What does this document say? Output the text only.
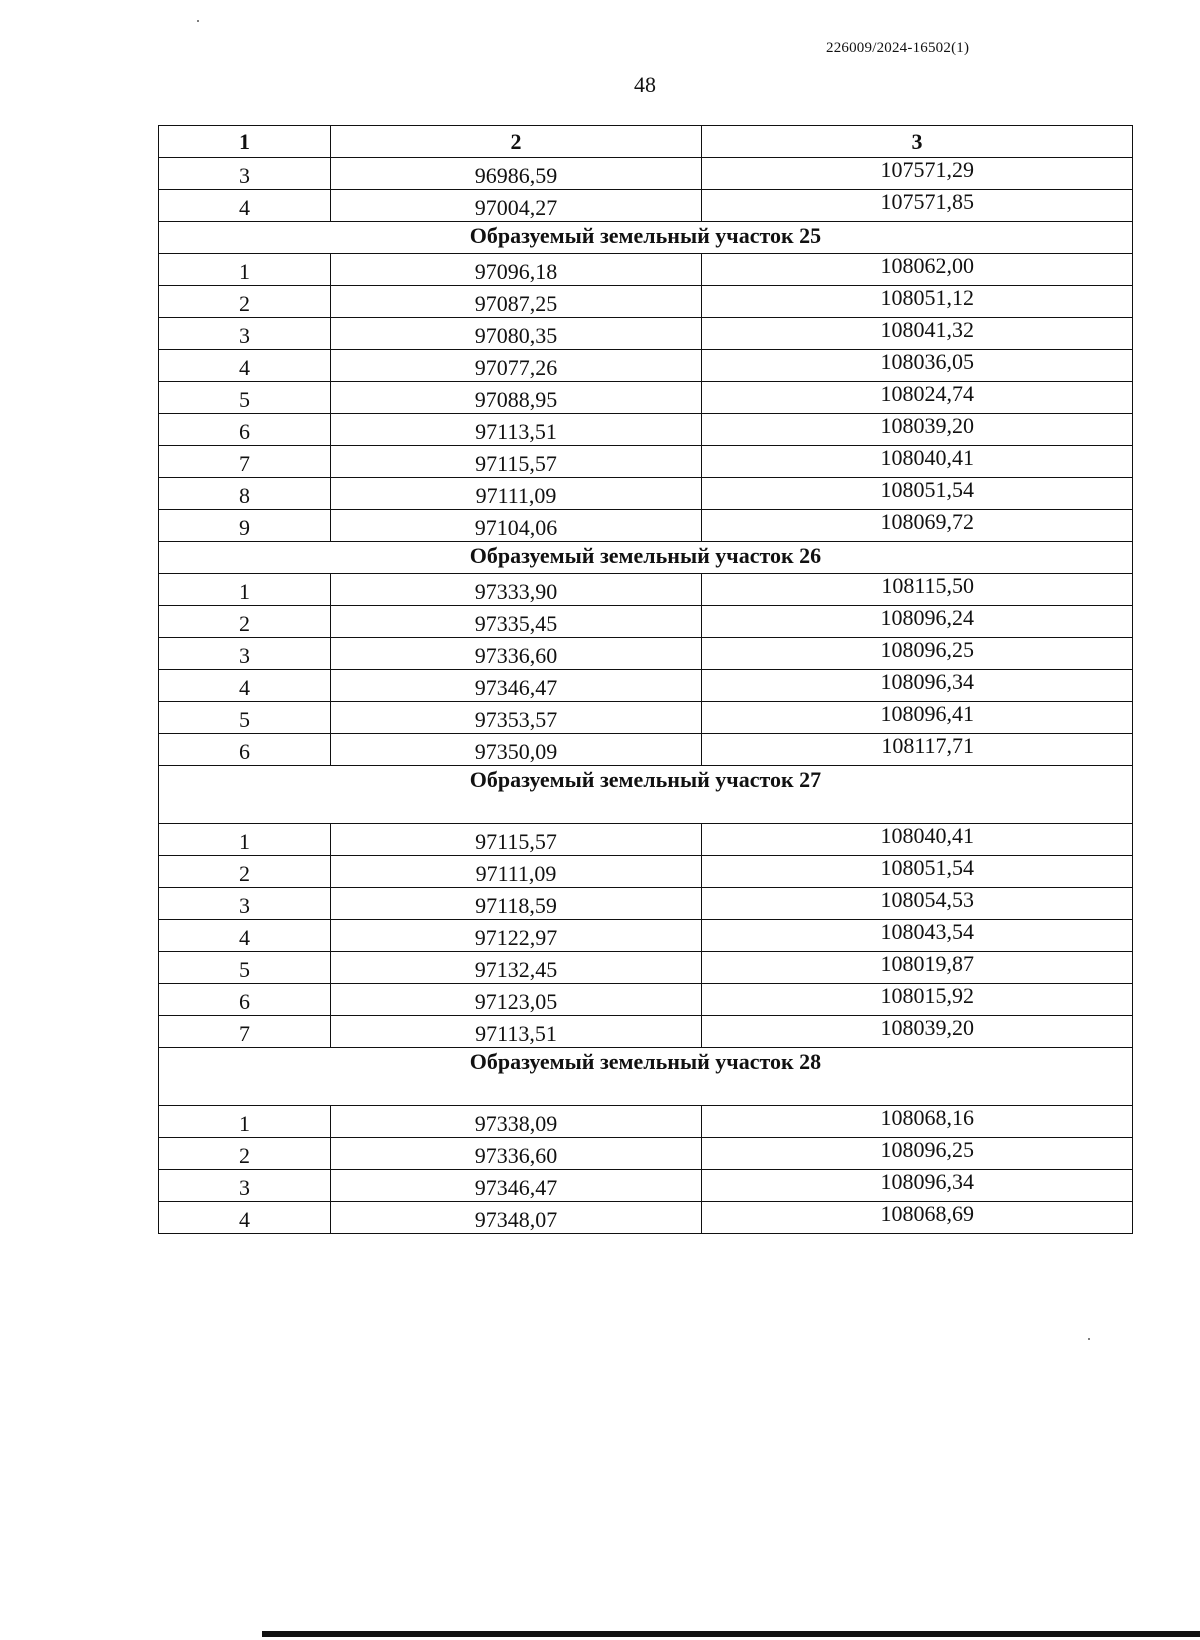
226009/2024-16502(1)
48
1	2	3
3	96986,59	107571,29
4	97004,27	107571,85
Образуемый земельный участок 25		
1	97096,18	108062,00
2	97087,25	108051,12
3	97080,35	108041,32
4	97077,26	108036,05
5	97088,95	108024,74
6	97113,51	108039,20
7	97115,57	108040,41
8	97111,09	108051,54
9	97104,06	108069,72
Образуемый земельный участок 26		
1	97333,90	108115,50
2	97335,45	108096,24
3	97336,60	108096,25
4	97346,47	108096,34
5	97353,57	108096,41
6	97350,09	108117,71
Образуемый земельный участок 27		
1	97115,57	108040,41
2	97111,09	108051,54
3	97118,59	108054,53
4	97122,97	108043,54
5	97132,45	108019,87
6	97123,05	108015,92
7	97113,51	108039,20
Образуемый земельный участок 28		
1	97338,09	108068,16
2	97336,60	108096,25
3	97346,47	108096,34
4	97348,07	108068,69
